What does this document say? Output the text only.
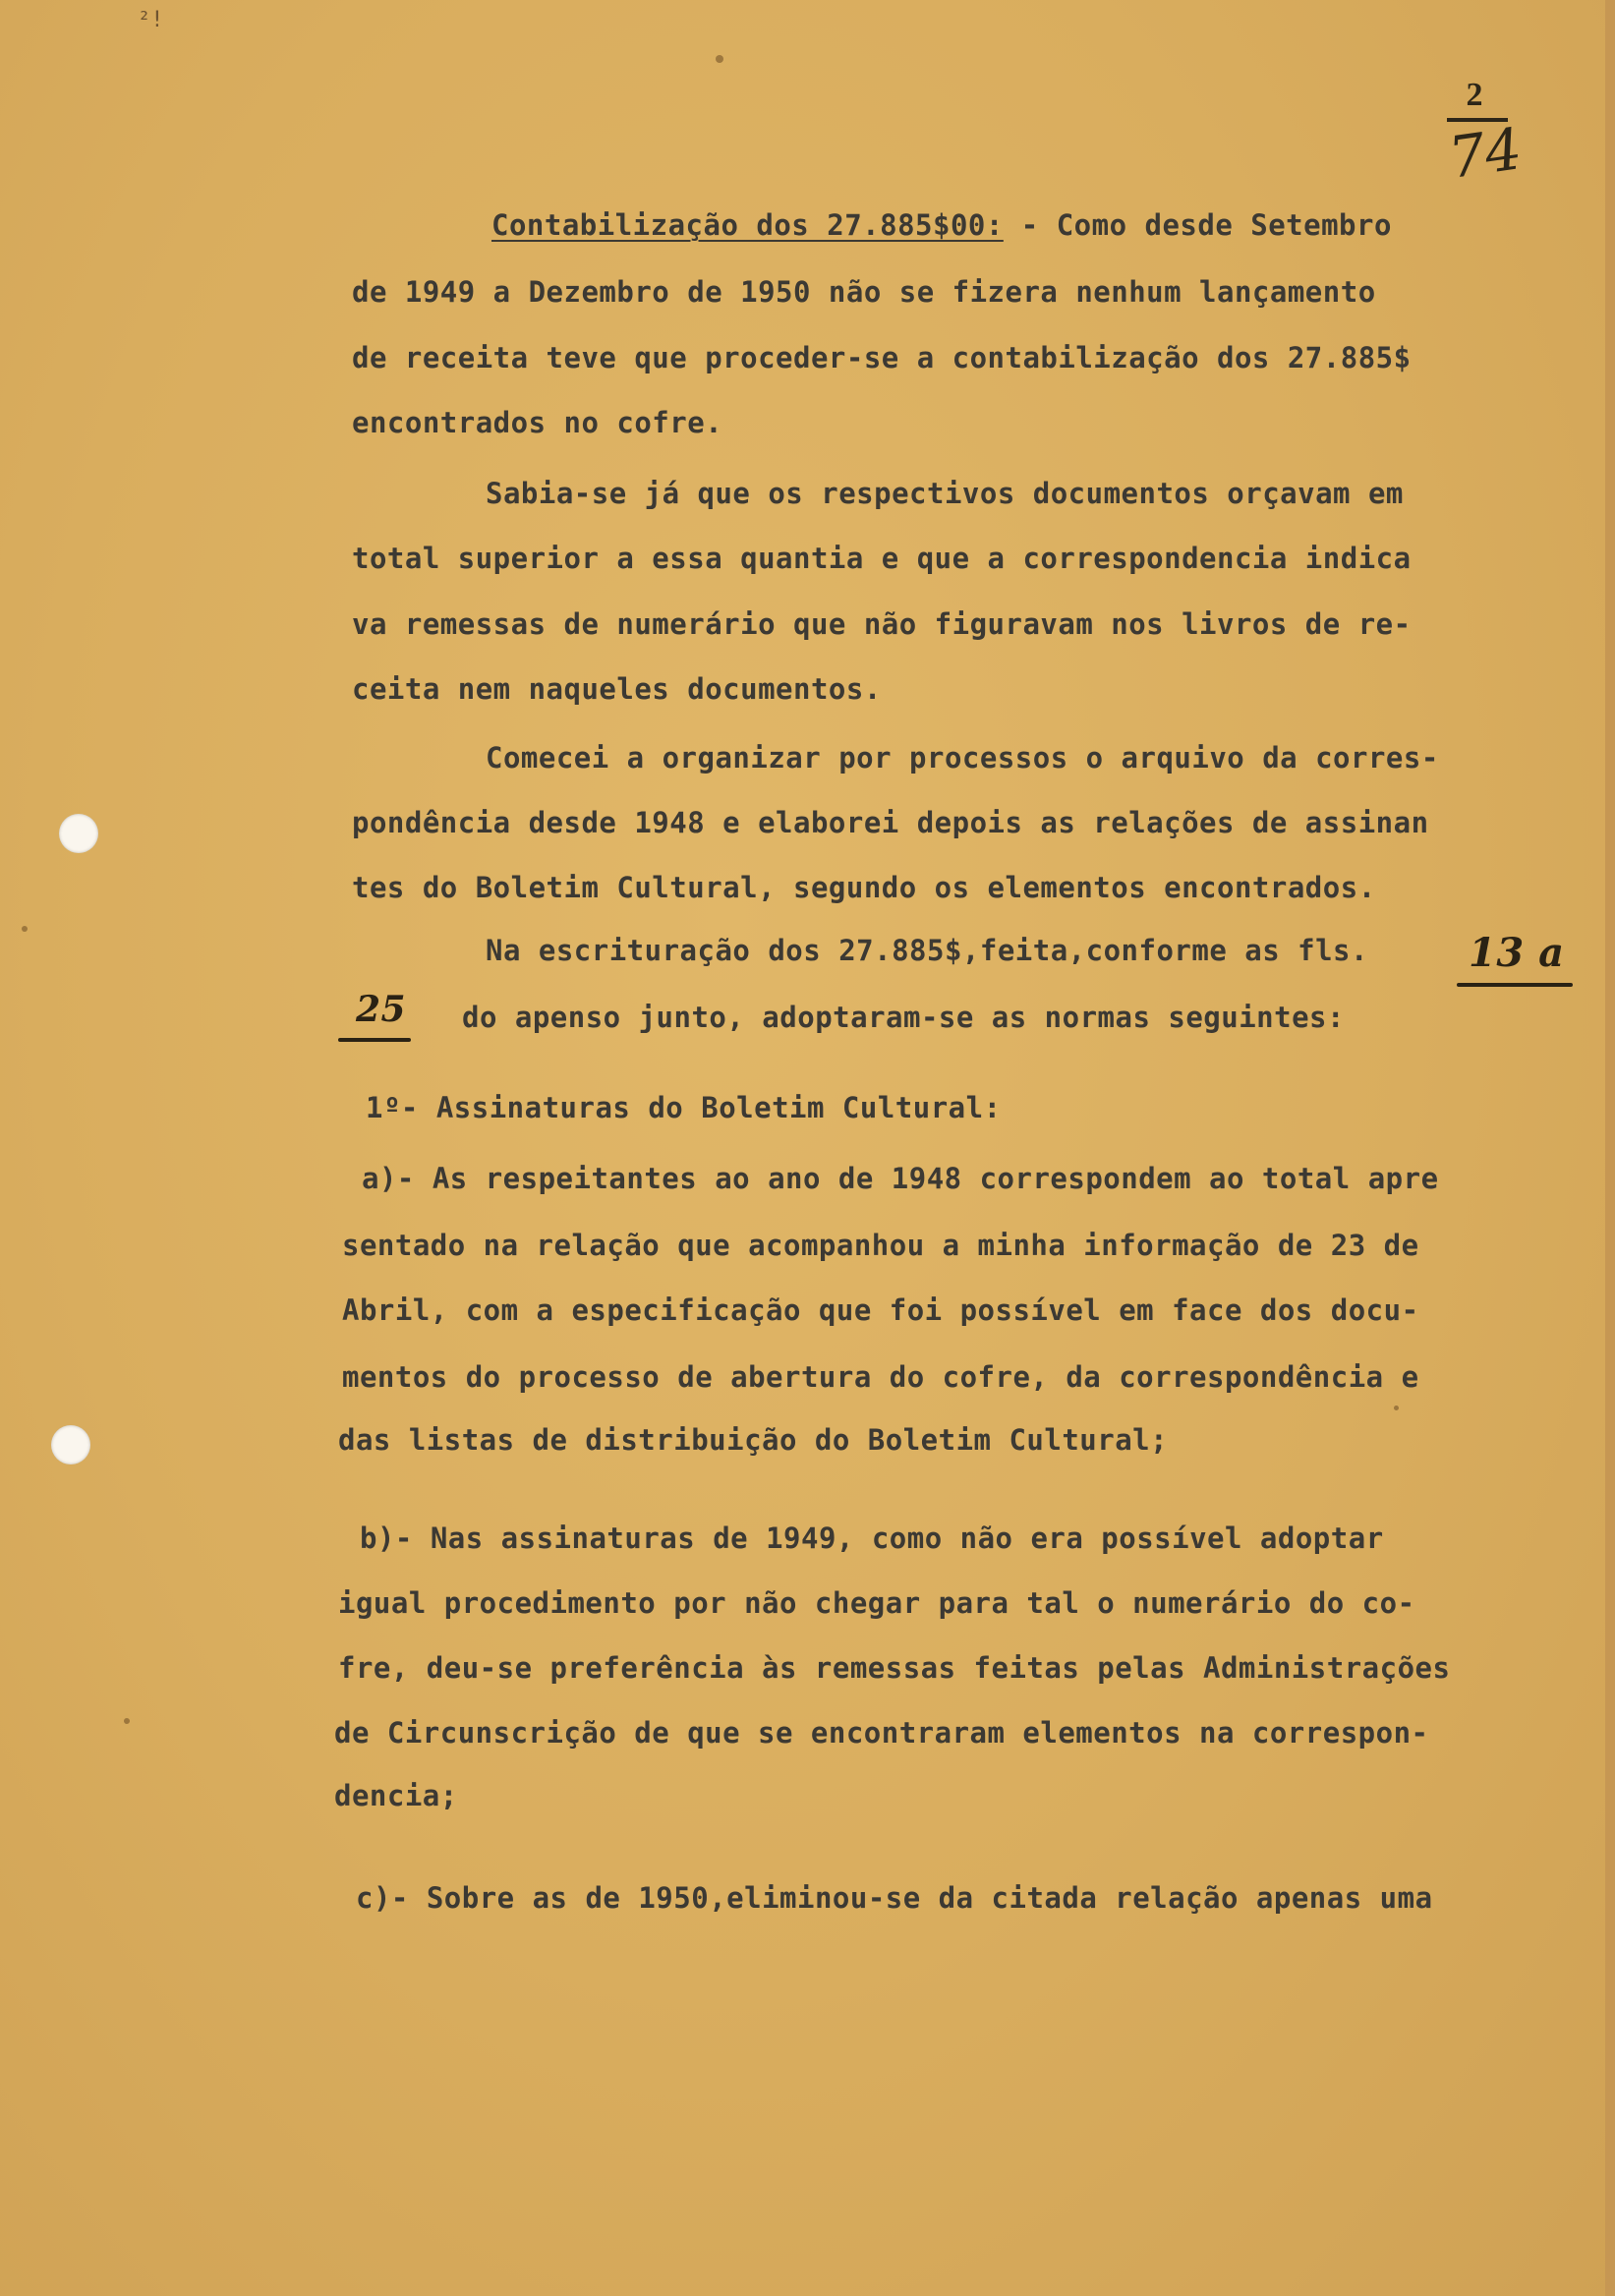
²!
2
74
Contabilização dos 27.885$00: - Como desde Setembro
de 1949 a Dezembro de 1950 não se fizera nenhum lançamento
de receita teve que proceder-se a contabilização dos 27.885$
encontrados no cofre.
Sabia-se já que os respectivos documentos orçavam em
total superior a essa quantia e que a correspondencia indica
va remessas de numerário que não figuravam nos livros de re-
ceita nem naqueles documentos.
Comecei a organizar por processos o arquivo da corres-
pondência desde 1948 e elaborei depois as relações de assinan
tes do Boletim Cultural, segundo os elementos encontrados.
Na escrituração dos 27.885$,feita,conforme as fls.	13 a
25 do apenso junto, adoptaram-se as normas seguintes:
1º- Assinaturas do Boletim Cultural:
a)- As respeitantes ao ano de 1948 correspondem ao total apre
sentado na relação que acompanhou a minha informação de 23 de
Abril, com a especificação que foi possível em face dos docu-
mentos do processo de abertura do cofre, da correspondência e
das listas de distribuição do Boletim Cultural;
b)- Nas assinaturas de 1949, como não era possível adoptar
igual procedimento por não chegar para tal o numerário do co-
fre, deu-se preferência às remessas feitas pelas Administrações
de Circunscrição de que se encontraram elementos na correspon-
dencia;
c)- Sobre as de 1950,eliminou-se da citada relação apenas uma
